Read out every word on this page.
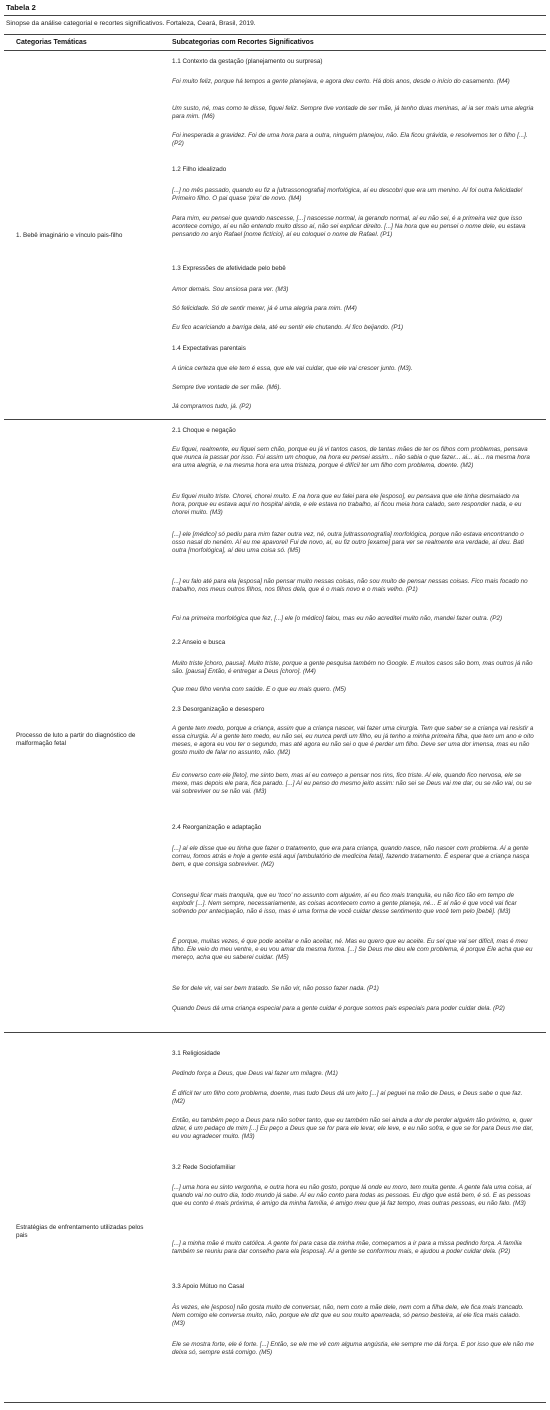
Tabela 2
Sinopse da análise categorial e recortes significativos. Fortaleza, Ceará, Brasil, 2019.
Categorias Temáticas	Subcategorias com Recortes Significativos
1. Bebê imaginário e vínculo pais-filho
1.1 Contexto da gestação (planejamento ou surpresa)
Foi muito feliz, porque há tempos a gente planejava, e agora deu certo. Há dois anos, desde o início do casamento. (M4)
Um susto, né, mas como te disse, fiquei feliz. Sempre tive vontade de ser mãe, já tenho duas meninas, aí ia ser mais uma alegria para mim. (M6)
Foi inesperada a gravidez. Foi de uma hora para a outra, ninguém planejou, não. Ela ficou grávida, e resolvemos ter o filho [...]. (P2)
1.2 Filho idealizado
[...] no mês passado, quando eu fiz a [ultrassonografia] morfológica, aí eu descobri que era um menino. Aí foi outra felicidade! Primeiro filho. O pai quase ‘pira’ de novo. (M4)
Para mim, eu pensei que quando nascesse, [...] nascesse normal, ia gerando normal, aí eu não sei, é a primeira vez que isso acontece comigo, aí eu não entendo muito disso aí, não sei explicar direito. [...] Na hora que eu pensei o nome dele, eu estava pensando no anjo Rafael [nome fictício], aí eu coloquei o nome de Rafael. (P1)
1.3 Expressões de afetividade pelo bebê
Amor demais. Sou ansiosa para ver. (M3)
Só felicidade. Só de sentir mexer, já é uma alegria para mim. (M4)
Eu fico acariciando a barriga dela, até eu sentir ele chutando. Aí fico beijando. (P1)
1.4 Expectativas parentais
A única certeza que ele tem é essa, que ele vai cuidar, que ele vai crescer junto. (M3).
Sempre tive vontade de ser mãe. (M6).
Já compramos tudo, já. (P2)
Processo de luto a partir do diagnóstico de malformação fetal
2.1 Choque e negação
Eu fiquei, realmente, eu fiquei sem chão, porque eu já vi tantos casos, de tantas mães de ter os filhos com problemas, pensava que nunca ia passar por isso. Foi assim um choque, na hora eu pensei assim... não sabia o que fazer... ai... ai... na mesma hora era uma alegria, e na mesma hora era uma tristeza, porque é difícil ter um filho com problema, doente. (M2)
Eu fiquei muito triste. Chorei, chorei muito. E na hora que eu falei para ele [esposo], eu pensava que ele tinha desmaiado na hora, porque eu estava aqui no hospital ainda, e ele estava no trabalho, aí ficou meia hora calado, sem responder nada, e eu chorei muito. (M3)
[...] ele [médico] só pediu para mim fazer outra vez, né, outra [ultrassonografia] morfológica, porque não estava encontrando o osso nasal do neném. Aí eu me apavorei! Fui de novo, aí, eu fiz outro [exame] para ver se realmente era verdade, aí deu. Bati outra [morfológica], aí deu uma coisa só. (M5)
[...] eu falo até para ela [esposa] não pensar muito nessas coisas, não sou muito de pensar nessas coisas. Fico mais focado no trabalho, nos meus outros filhos, nos filhos dela, que é o mais novo e o mais velho. (P1)
Foi na primeira morfológica que fez, [...] ele [o médico] falou, mas eu não acreditei muito não, mandei fazer outra. (P2)
2.2 Anseio e busca
Muito triste [choro, pausa]. Muito triste, porque a gente pesquisa também no Google. E muitos casos são bom, mas outros já não são. [pausa] Então, é entregar a Deus [choro]. (M4)
Que meu filho venha com saúde. E o que eu mais quero. (M5)
2.3 Desorganização e desespero
A gente tem medo, porque a criança, assim que a criança nascer, vai fazer uma cirurgia. Tem que saber se a criança vai resistir a essa cirurgia. Aí a gente tem medo, eu não sei, eu nunca perdi um filho, eu já tenho a minha primeira filha, que tem um ano e oito meses, e agora eu vou ter o segundo, mas até agora eu não sei o que é perder um filho. Deve ser uma dor imensa, mas eu não gosto muito de falar no assunto, não. (M2)
Eu converso com ele [feto], me sinto bem, mas aí eu começo a pensar nos rins, fico triste. Aí ele, quando fico nervosa, ele se mexe, mas depois ele para, fica parado. [...] Aí eu penso do mesmo jeito assim: não sei se Deus vai me dar, ou se não vai, ou se vai sobreviver ou se não vai. (M3)
2.4 Reorganização e adaptação
[...] aí ele disse que eu tinha que fazer o tratamento, que era para criança, quando nasce, não nascer com problema. Aí a gente correu, fomos atrás e hoje a gente está aqui [ambulatório de medicina fetal], fazendo tratamento. É esperar que a criança nasça bem, e que consiga sobreviver. (M2)
Consegui ficar mais tranquila, que eu ‘toco’ no assunto com alguém, aí eu fico mais tranquila, eu não fico tão em tempo de explodir [...]. Nem sempre, necessariamente, as coisas acontecem como a gente planeja, né... E aí não é que você vai ficar sofrendo por antecipação, não é isso, mas é uma forma de você cuidar desse sentimento que você tem pelo [bebê]. (M3)
É porque, muitas vezes, é que pode aceitar e não aceitar, né. Mas eu quero que eu aceite. Eu sei que vai ser difícil, mas é meu filho. Ele veio do meu ventre, e eu vou amar da mesma forma. [...] Se Deus me deu ele com problema, é porque Ele acha que eu mereço, acha que eu saberei cuidar. (M5)
Se for dele vir, vai ser bem tratado. Se não vir, não posso fazer nada. (P1)
Quando Deus dá uma criança especial para a gente cuidar é porque somos pais especiais para poder cuidar dela. (P2)
Estratégias de enfrentamento utilizadas pelos pais
3.1 Religiosidade
Pedindo força a Deus, que Deus vai fazer um milagre. (M1)
É difícil ter um filho com problema, doente, mas tudo Deus dá um jeito [...] aí peguei na mão de Deus, e Deus sabe o que faz. (M2)
Então, eu também peço a Deus para não sofrer tanto, que eu também não sei ainda a dor de perder alguém tão próximo, e, quer dizer, é um pedaço de mim [...] Eu peço a Deus que se for para ele levar, ele leve, e eu não sofra, e que se for para Deus me dar, eu vou agradecer muito. (M3)
3.2 Rede Sociofamiliar
[...] uma hora eu sinto vergonha, e outra hora eu não gosto, porque lá onde eu moro, tem muita gente. A gente fala uma coisa, aí quando vai no outro dia, todo mundo já sabe. Aí eu não conto para todas as pessoas. Eu digo que está bem, é só. E as pessoas que eu conto é mais próxima, é amigo da minha família, é amigo meu que já faz tempo, mas outras pessoas, eu não falo. (M3)
[...] a minha mãe é muito católica. A gente foi para casa da minha mãe, começamos a ir para a missa pedindo força. A família também se reuniu para dar conselho para ela [esposa]. Aí a gente se conformou mais, e ajudou a poder cuidar dela. (P2)
3.3 Apoio Mútuo no Casal
Às vezes, ele [esposo] não gosta muito de conversar, não, nem com a mãe dele, nem com a filha dele, ele fica mais trancado. Nem comigo ele conversa muito, não, porque ele diz que eu sou muito aperreada, só penso besteira, aí ele fica mais calado. (M3)
Ele se mostra forte, ele é forte. [...] Então, se ele me vê com alguma angústia, ele sempre me dá força. E por isso que ele não me deixa só, sempre está comigo. (M5)
